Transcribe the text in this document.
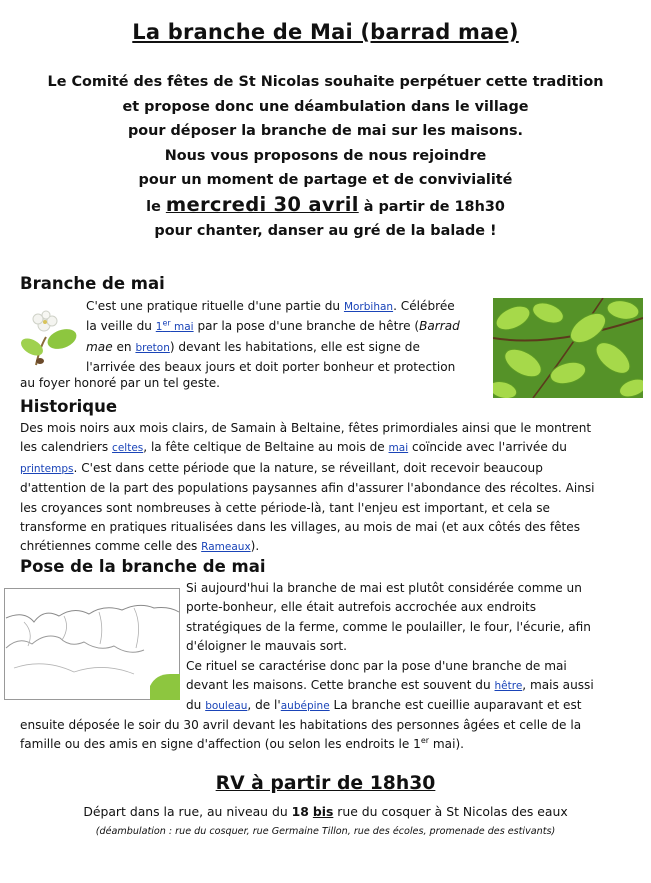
La branche de Mai (barrad mae)
Le Comité des fêtes de St Nicolas souhaite perpétuer cette tradition
et propose donc une déambulation dans le village
pour déposer la branche de mai sur les maisons.
Nous vous proposons de nous rejoindre
pour un moment de partage et de convivialité
le mercredi 30 avril à partir de 18h30
pour chanter, danser au gré de la balade !
Branche de mai
C'est une pratique rituelle d'une partie du Morbihan. Célébrée
la veille du 1er mai par la pose d'une branche de hêtre (Barrad
mae en breton) devant les habitations, elle est signe de
l'arrivée des beaux jours et doit porter bonheur et protection
au foyer honoré par un tel geste.
Historique
Des mois noirs aux mois clairs, de Samain à Beltaine, fêtes primordiales ainsi que le montrent
les calendriers celtes, la fête celtique de Beltaine au mois de mai coïncide avec l'arrivée du
printemps. C'est dans cette période que la nature, se réveillant, doit recevoir beaucoup
d'attention de la part des populations paysannes afin d'assurer l'abondance des récoltes. Ainsi
les croyances sont nombreuses à cette période-là, tant l'enjeu est important, et cela se
transforme en pratiques ritualisées dans les villages, au mois de mai (et aux côtés des fêtes
chrétiennes comme celle des Rameaux).
Pose de la branche de mai
Si aujourd'hui la branche de mai est plutôt considérée comme un
porte-bonheur, elle était autrefois accrochée aux endroits
stratégiques de la ferme, comme le poulailler, le four, l'écurie, afin
d'éloigner le mauvais sort.
Ce rituel se caractérise donc par la pose d'une branche de mai
devant les maisons. Cette branche est souvent du hêtre, mais aussi
du bouleau, de l'aubépine La branche est cueillie auparavant et est
ensuite déposée le soir du 30 avril devant les habitations des personnes âgées et celle de la
famille ou des amis en signe d'affection (ou selon les endroits le 1er mai).
RV à partir de 18h30
Départ dans la rue, au niveau du 18 bis rue du cosquer à St Nicolas des eaux
(déambulation : rue du cosquer, rue Germaine Tillon, rue des écoles, promenade des estivants)
